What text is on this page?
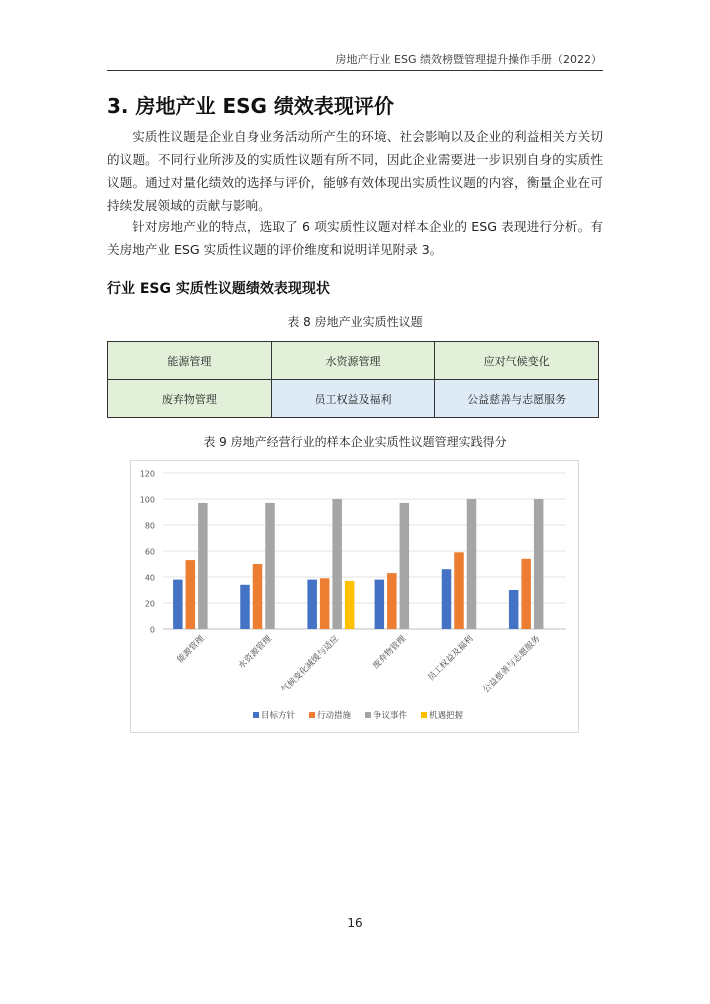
房地产行业 ESG 绩效榜暨管理提升操作手册（2022）
3. 房地产业 ESG 绩效表现评价

实质性议题是企业自身业务活动所产生的环境、社会影响以及企业的利益相关方关切的议题。不同行业所涉及的实质性议题有所不同，因此企业需要进一步识别自身的实质性议题。通过对量化绩效的选择与评价，能够有效体现出实质性议题的内容，衡量企业在可持续发展领域的贡献与影响。

针对房地产业的特点，选取了 6 项实质性议题对样本企业的 ESG 表现进行分析。有关房地产业 ESG 实质性议题的评价维度和说明详见附录 3。

行业 ESG 实质性议题绩效表现现状
表 8 房地产业实质性议题
能源管理	水资源管理	应对气候变化
废弃物管理	员工权益及福利	公益慈善与志愿服务
表 9 房地产经营行业的样本企业实质性议题管理实践得分
0
20
40
60
80
100
120
能源管理	水资源管理 气候变化减缓与适应	废弃物管理 员工权益及福利 公益慈善与志愿服务
目标方针	行动措施	争议事件	机遇把握
16
